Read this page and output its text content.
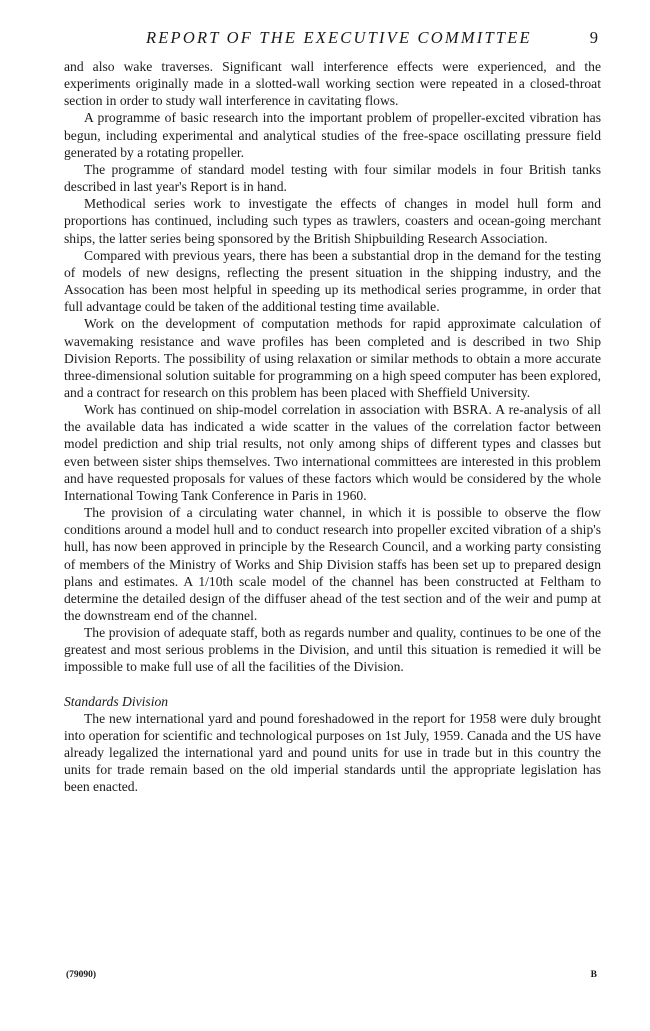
REPORT OF THE EXECUTIVE COMMITTEE	9

and also wake traverses. Significant wall interference effects were experienced, and the experiments originally made in a slotted-wall working section were repeated in a closed-throat section in order to study wall interference in cavitating flows.

A programme of basic research into the important problem of propeller-excited vibration has begun, including experimental and analytical studies of the free-space oscillating pressure field generated by a rotating propeller.

The programme of standard model testing with four similar models in four British tanks described in last year's Report is in hand.

Methodical series work to investigate the effects of changes in model hull form and proportions has continued, including such types as trawlers, coasters and ocean-going merchant ships, the latter series being sponsored by the British Shipbuilding Research Association.

Compared with previous years, there has been a substantial drop in the demand for the testing of models of new designs, reflecting the present situation in the shipping industry, and the Assocation has been most helpful in speeding up its methodical series programme, in order that full advantage could be taken of the additional testing time available.

Work on the development of computation methods for rapid approximate calculation of wavemaking resistance and wave profiles has been completed and is described in two Ship Division Reports. The possibility of using relaxation or similar methods to obtain a more accurate three-dimensional solution suitable for programming on a high speed computer has been explored, and a contract for research on this problem has been placed with Sheffield University.

Work has continued on ship-model correlation in association with BSRA. A re-analysis of all the available data has indicated a wide scatter in the values of the correlation factor between model prediction and ship trial results, not only among ships of different types and classes but even between sister ships themselves. Two international committees are interested in this problem and have requested proposals for values of these factors which would be considered by the whole International Towing Tank Conference in Paris in 1960.

The provision of a circulating water channel, in which it is possible to observe the flow conditions around a model hull and to conduct research into propeller excited vibration of a ship's hull, has now been approved in principle by the Research Council, and a working party consisting of members of the Ministry of Works and Ship Division staffs has been set up to prepared design plans and estimates. A 1/10th scale model of the channel has been constructed at Feltham to determine the detailed design of the diffuser ahead of the test section and of the weir and pump at the downstream end of the channel.

The provision of adequate staff, both as regards number and quality, continues to be one of the greatest and most serious problems in the Division, and until this situation is remedied it will be impossible to make full use of all the facilities of the Division.

Standards Division

The new international yard and pound foreshadowed in the report for 1958 were duly brought into operation for scientific and technological purposes on 1st July, 1959. Canada and the US have already legalized the international yard and pound units for use in trade but in this country the units for trade remain based on the old imperial standards until the appropriate legislation has been enacted.

(79090)	B
